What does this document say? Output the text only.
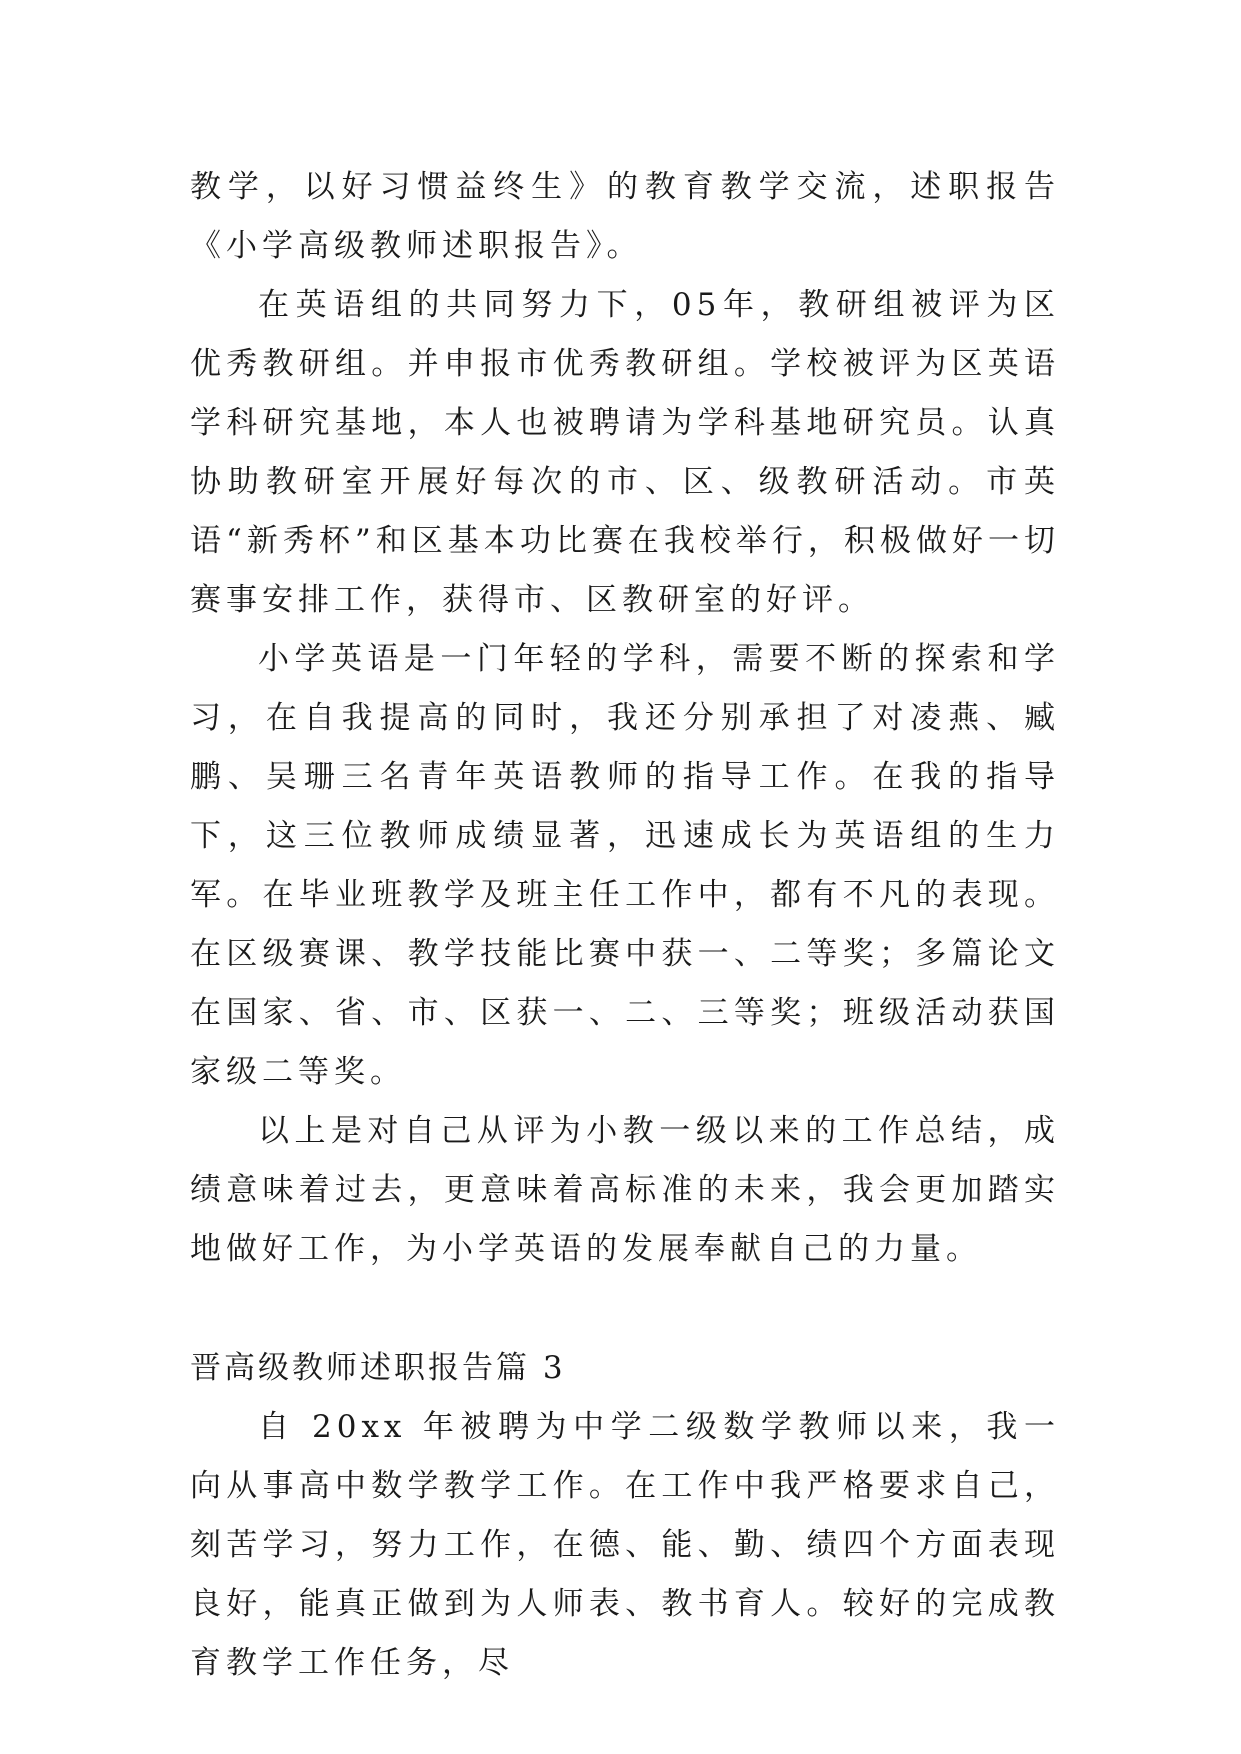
教学，以好习惯益终生》的教育教学交流，述职报告《小学高级教师述职报告》。

在英语组的共同努力下，05年，教研组被评为区优秀教研组。并申报市优秀教研组。学校被评为区英语学科研究基地，本人也被聘请为学科基地研究员。认真协助教研室开展好每次的市、区、级教研活动。市英语“新秀杯”和区基本功比赛在我校举行，积极做好一切赛事安排工作，获得市、区教研室的好评。

小学英语是一门年轻的学科，需要不断的探索和学习，在自我提高的同时，我还分别承担了对凌燕、臧鹏、吴珊三名青年英语教师的指导工作。在我的指导下，这三位教师成绩显著，迅速成长为英语组的生力军。在毕业班教学及班主任工作中，都有不凡的表现。在区级赛课、教学技能比赛中获一、二等奖；多篇论文在国家、省、市、区获一、二、三等奖；班级活动获国家级二等奖。

以上是对自己从评为小教一级以来的工作总结，成绩意味着过去，更意味着高标准的未来，我会更加踏实地做好工作，为小学英语的发展奉献自己的力量。

晋高级教师述职报告篇 3

自 20xx 年被聘为中学二级数学教师以来，我一向从事高中数学教学工作。在工作中我严格要求自己，刻苦学习，努力工作，在德、能、勤、绩四个方面表现良好，能真正做到为人师表、教书育人。较好的完成教育教学工作任务，尽
